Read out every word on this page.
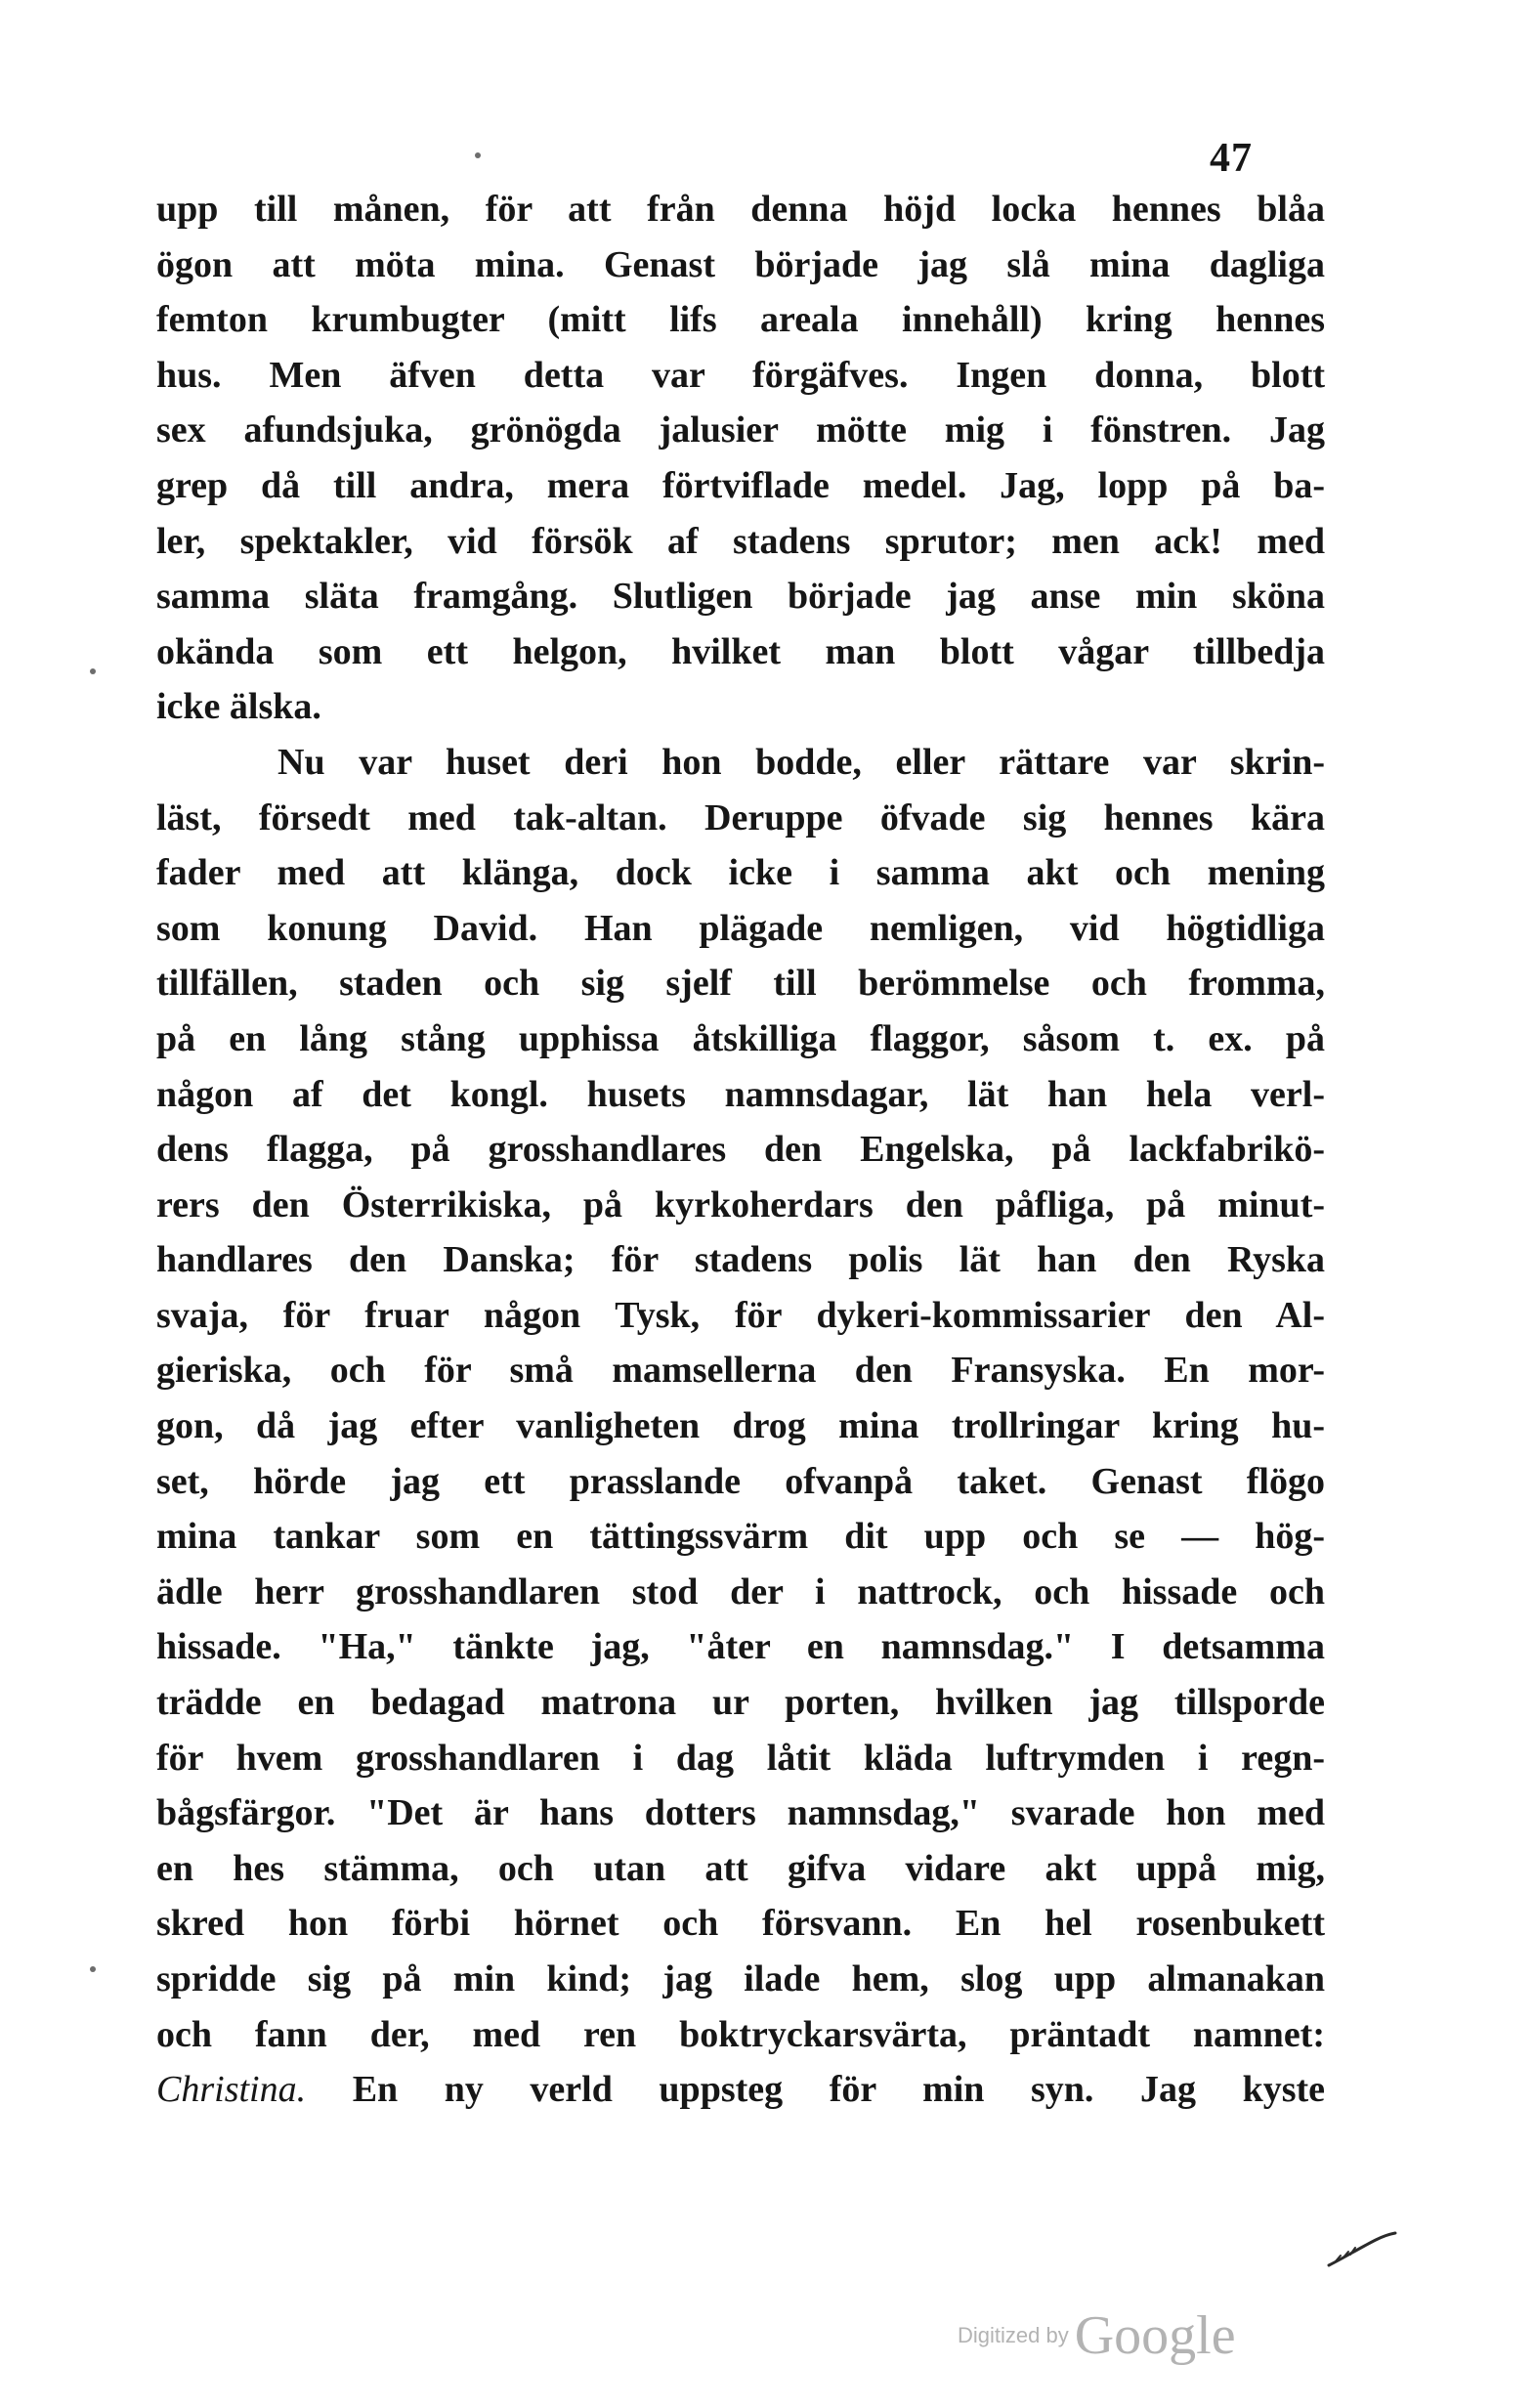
47
upp till månen, för att från denna höjd locka hennes blåa
ögon att möta mina. Genast började jag slå mina dagliga
femton krumbugter (mitt lifs areala innehåll) kring hennes
hus. Men äfven detta var förgäfves. Ingen donna, blott
sex afundsjuka, grönögda jalusier mötte mig i fönstren. Jag
grep då till andra, mera förtviflade medel. Jag, lopp på ba-
ler, spektakler, vid försök af stadens sprutor; men ack! med
samma släta framgång. Slutligen började jag anse min sköna
okända som ett helgon, hvilket man blott vågar tillbedja
icke älska.
Nu var huset deri hon bodde, eller rättare var skrin-
läst, försedt med tak-altan. Deruppe öfvade sig hennes kära
fader med att klänga, dock icke i samma akt och mening
som konung David. Han plägade nemligen, vid högtidliga
tillfällen, staden och sig sjelf till berömmelse och fromma,
på en lång stång upphissa åtskilliga flaggor, såsom t. ex. på
någon af det kongl. husets namnsdagar, lät han hela verl-
dens flagga, på grosshandlares den Engelska, på lackfabrikö-
rers den Österrikiska, på kyrkoherdars den påfliga, på minut-
handlares den Danska; för stadens polis lät han den Ryska
svaja, för fruar någon Tysk, för dykeri-kommissarier den Al-
gieriska, och för små mamsellerna den Fransyska. En mor-
gon, då jag efter vanligheten drog mina trollringar kring hu-
set, hörde jag ett prasslande ofvanpå taket. Genast flögo
mina tankar som en tättingssvärm dit upp och se — hög-
ädle herr grosshandlaren stod der i nattrock, och hissade och
hissade. "Ha," tänkte jag, "åter en namnsdag." I detsamma
trädde en bedagad matrona ur porten, hvilken jag tillsporde
för hvem grosshandlaren i dag låtit kläda luftrymden i regn-
bågsfärgor. "Det är hans dotters namnsdag," svarade hon med
en hes stämma, och utan att gifva vidare akt uppå mig,
skred hon förbi hörnet och försvann. En hel rosenbukett
spridde sig på min kind; jag ilade hem, slog upp almanakan
och fann der, med ren boktryckarsvärta, präntadt namnet:
Christina. En ny verld uppsteg för min syn. Jag kyste
Digitized by Google
